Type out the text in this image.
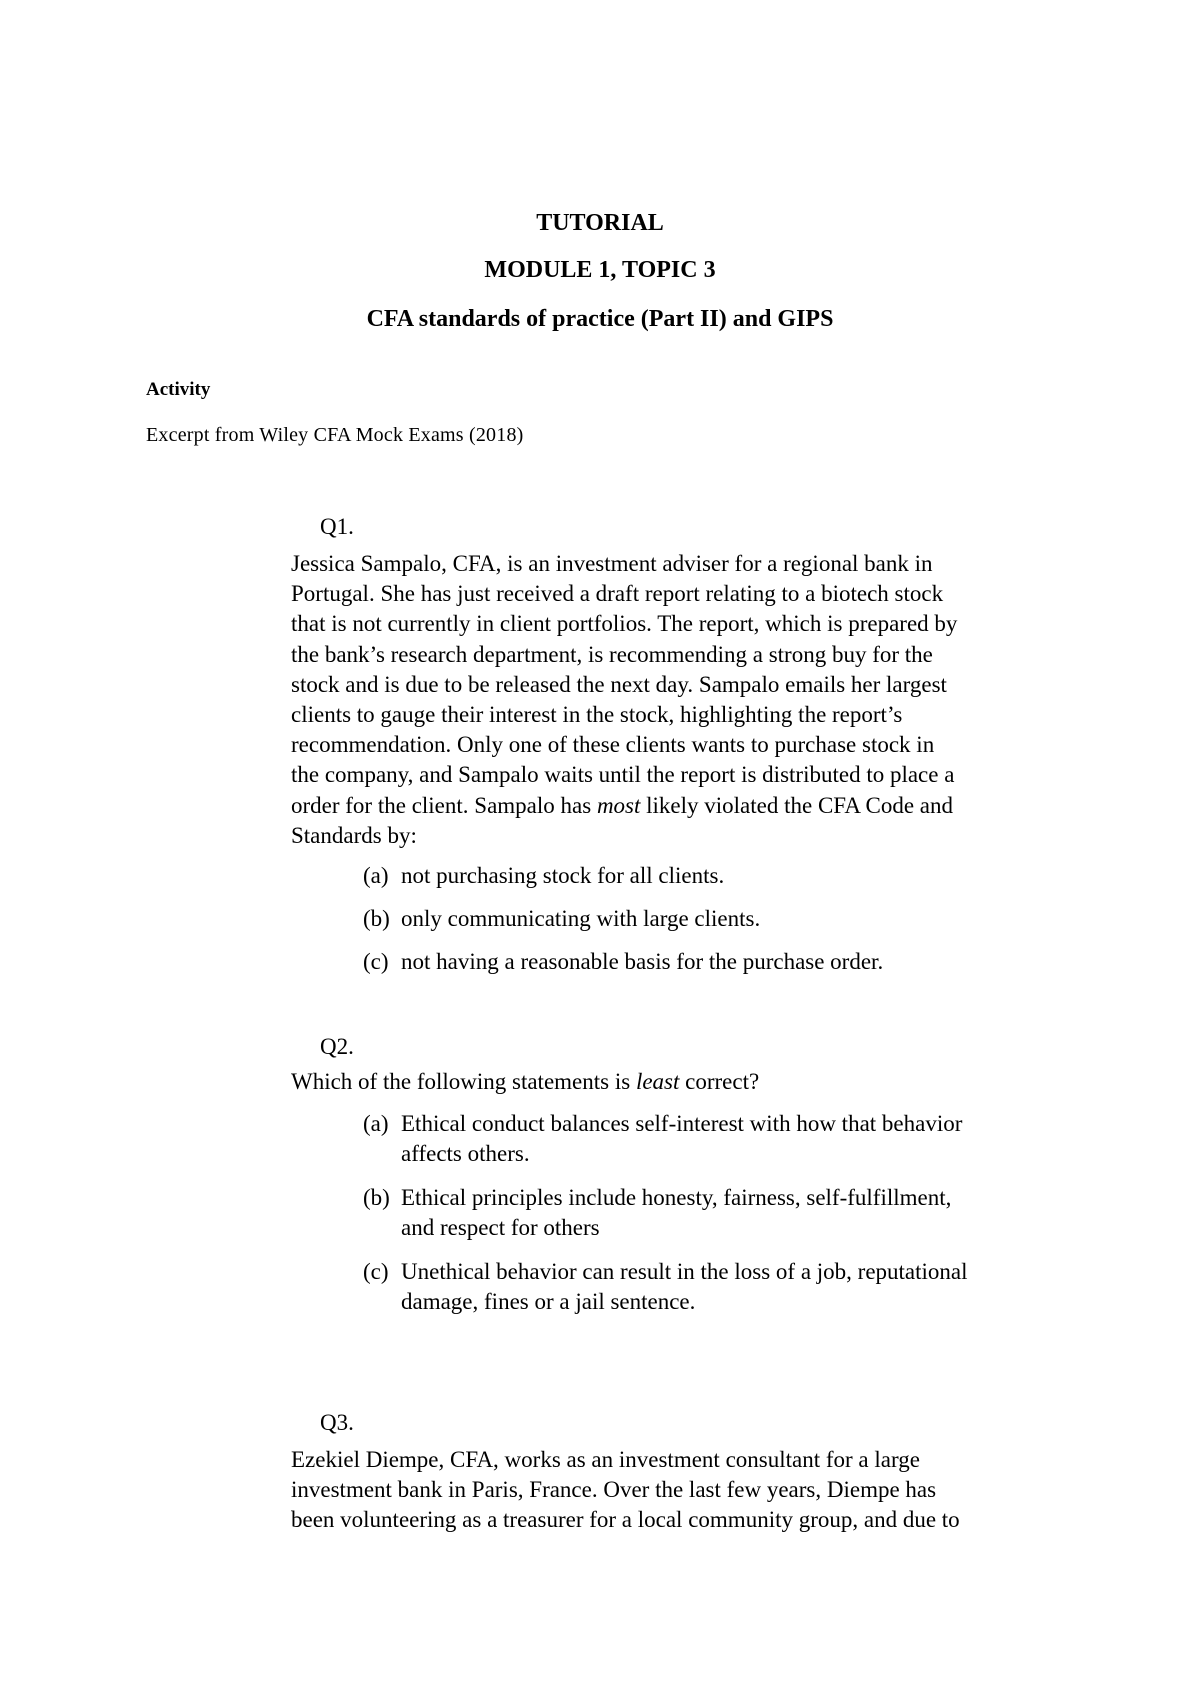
TUTORIAL
MODULE 1, TOPIC 3
CFA standards of practice (Part II) and GIPS
Activity
Excerpt from Wiley CFA Mock Exams (2018)
Q1.
Jessica Sampalo, CFA, is an investment adviser for a regional bank in
Portugal. She has just received a draft report relating to a biotech stock
that is not currently in client portfolios. The report, which is prepared by
the bank’s research department, is recommending a strong buy for the
stock and is due to be released the next day. Sampalo emails her largest
clients to gauge their interest in the stock, highlighting the report’s
recommendation. Only one of these clients wants to purchase stock in
the company, and Sampalo waits until the report is distributed to place a
order for the client. Sampalo has most likely violated the CFA Code and
Standards by:
(a) not purchasing stock for all clients.
(b) only communicating with large clients.
(c) not having a reasonable basis for the purchase order.
Q2.
Which of the following statements is least correct?
(a) Ethical conduct balances self-interest with how that behavior
affects others.
(b) Ethical principles include honesty, fairness, self-fulfillment,
and respect for others
(c) Unethical behavior can result in the loss of a job, reputational
damage, fines or a jail sentence.
Q3.
Ezekiel Diempe, CFA, works as an investment consultant for a large
investment bank in Paris, France. Over the last few years, Diempe has
been volunteering as a treasurer for a local community group, and due to
